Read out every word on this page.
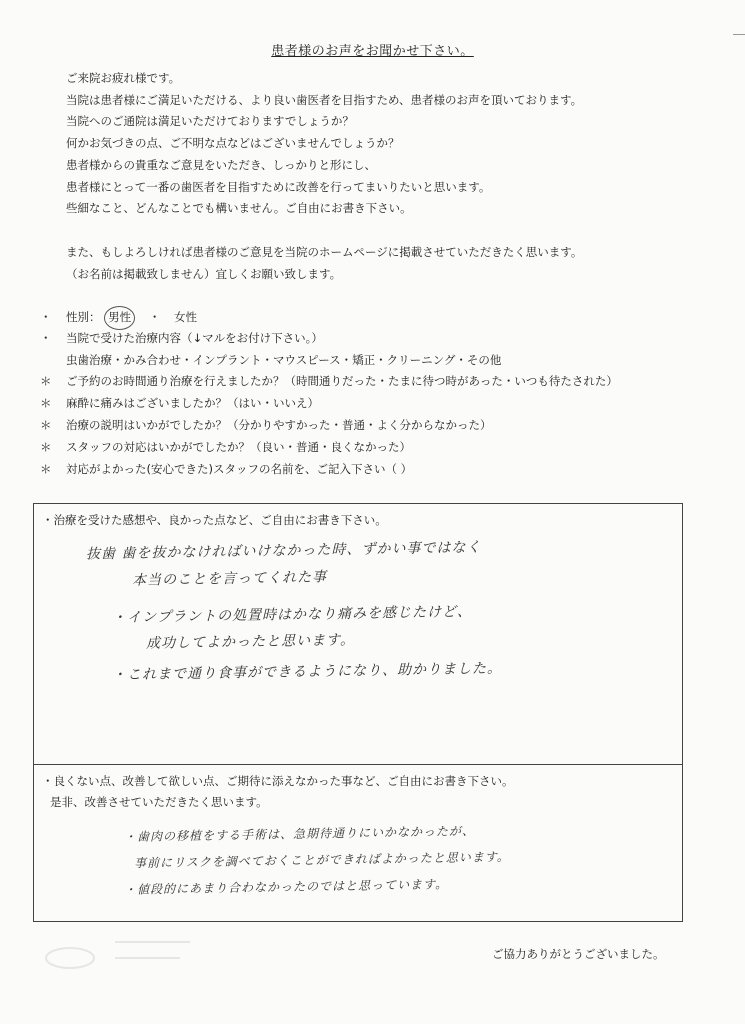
患者様のお声をお聞かせ下さい。
ご来院お疲れ様です。
当院は患者様にご満足いただける、より良い歯医者を目指すため、患者様のお声を頂いております。
当院へのご通院は満足いただけておりますでしょうか？
何かお気づきの点、ご不明な点などはございませんでしょうか？
患者様からの貴重なご意見をいただき、しっかりと形にし、
患者様にとって一番の歯医者を目指すために改善を行ってまいりたいと思います。
些細なこと、どんなことでも構いません。ご自由にお書き下さい。
また、もしよろしければ患者様のご意見を当院のホームページに掲載させていただきたく思います。
（お名前は掲載致しません）宜しくお願い致します。
・ 性別： 男性 ・ 女性
・ 当院で受けた治療内容（↓マルをお付け下さい。）
虫歯治療・かみ合わせ・インプラント・マウスピース・矯正・クリーニング・その他
＊ ご予約のお時間通り治療を行えましたか？（時間通りだった・たまに待つ時があった・いつも待たされた）
＊ 麻酔に痛みはございましたか？（はい・いいえ）
＊ 治療の説明はいかがでしたか？（分かりやすかった・普通・よく分からなかった）
＊ スタッフの対応はいかがでしたか？（良い・普通・良くなかった）
＊ 対応がよかった(安心できた)スタッフの名前を、ご記入下さい（ ）
・治療を受けた感想や、良かった点など、ご自由にお書き下さい。
抜歯 歯を抜かなければいけなかった時、ずかい事ではなく
本当のことを言ってくれた事
・インプラントの処置時はかなり痛みを感じたけど、
成功してよかったと思います。
・これまで通り食事ができるようになり、助かりました。
・良くない点、改善して欲しい点、ご期待に添えなかった事など、ご自由にお書き下さい。
是非、改善させていただきたく思います。
・歯肉の移植をする手術は、急期待通りにいかなかったが、
事前にリスクを調べておくことができればよかったと思います。
・値段的にあまり合わなかったのではと思っています。
ご協力ありがとうございました。
